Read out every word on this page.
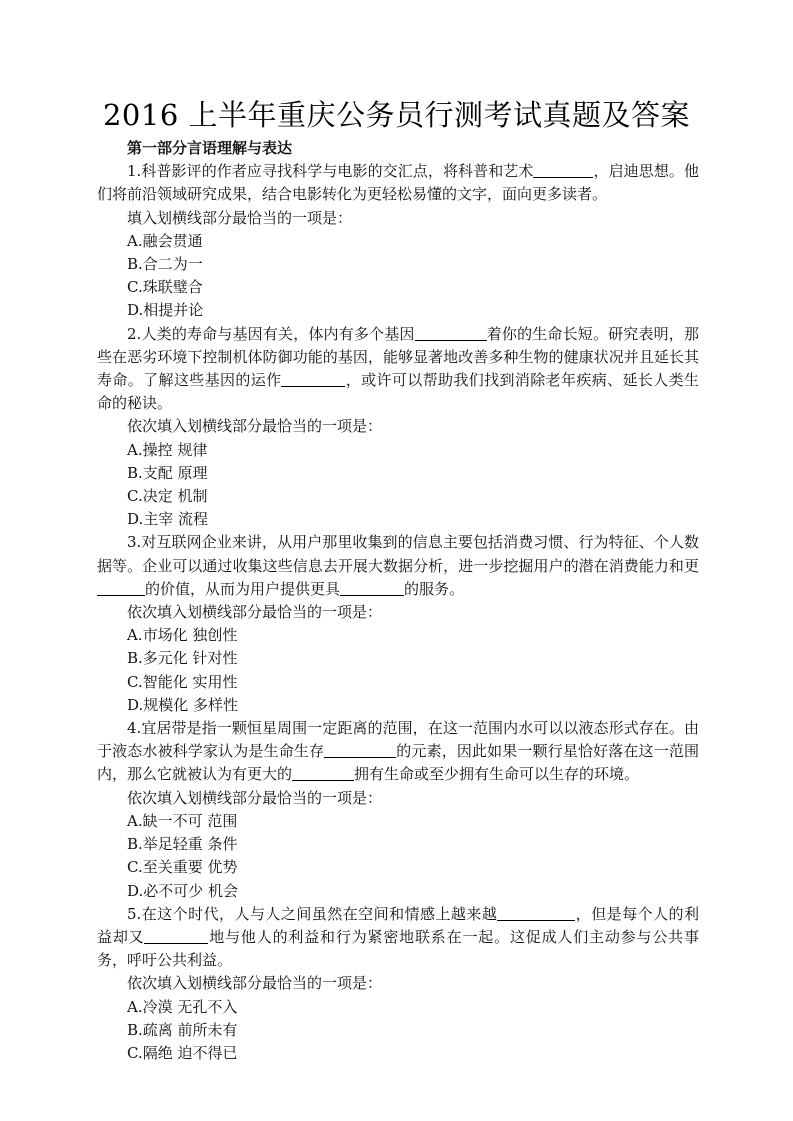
2016 上半年重庆公务员行测考试真题及答案
第一部分言语理解与表达
1.科普影评的作者应寻找科学与电影的交汇点，将科普和艺术	，启迪思想。他们将前沿领域研究成果，结合电影转化为更轻松易懂的文字，面向更多读者。
填入划横线部分最恰当的一项是：
A.融会贯通
B.合二为一
C.珠联璧合
D.相提并论
2.人类的寿命与基因有关，体内有多个基因	着你的生命长短。研究表明，那些在恶劣环境下控制机体防御功能的基因，能够显著地改善多种生物的健康状况并且延长其寿命。了解这些基因的运作	，或许可以帮助我们找到消除老年疾病、延长人类生命的秘诀。
依次填入划横线部分最恰当的一项是：
A.操控 规律
B.支配 原理
C.决定 机制
D.主宰 流程
3.对互联网企业来讲，从用户那里收集到的信息主要包括消费习惯、行为特征、个人数据等。企业可以通过收集这些信息去开展大数据分析，进一步挖掘用户的潜在消费能力和更的价值，从而为用户提供更具	的服务。
依次填入划横线部分最恰当的一项是：
A.市场化 独创性
B.多元化 针对性
C.智能化 实用性
D.规模化 多样性
4.宜居带是指一颗恒星周围一定距离的范围，在这一范围内水可以以液态形式存在。由于液态水被科学家认为是生命生存	的元素，因此如果一颗行星恰好落在这一范围内，那么它就被认为有更大的	拥有生命或至少拥有生命可以生存的环境。
依次填入划横线部分最恰当的一项是：
A.缺一不可 范围
B.举足轻重 条件
C.至关重要 优势
D.必不可少 机会
5.在这个时代，人与人之间虽然在空间和情感上越来越	，但是每个人的利益却又	地与他人的利益和行为紧密地联系在一起。这促成人们主动参与公共事务，呼吁公共利益。
依次填入划横线部分最恰当的一项是：
A.冷漠 无孔不入
B.疏离 前所未有
C.隔绝 迫不得已
